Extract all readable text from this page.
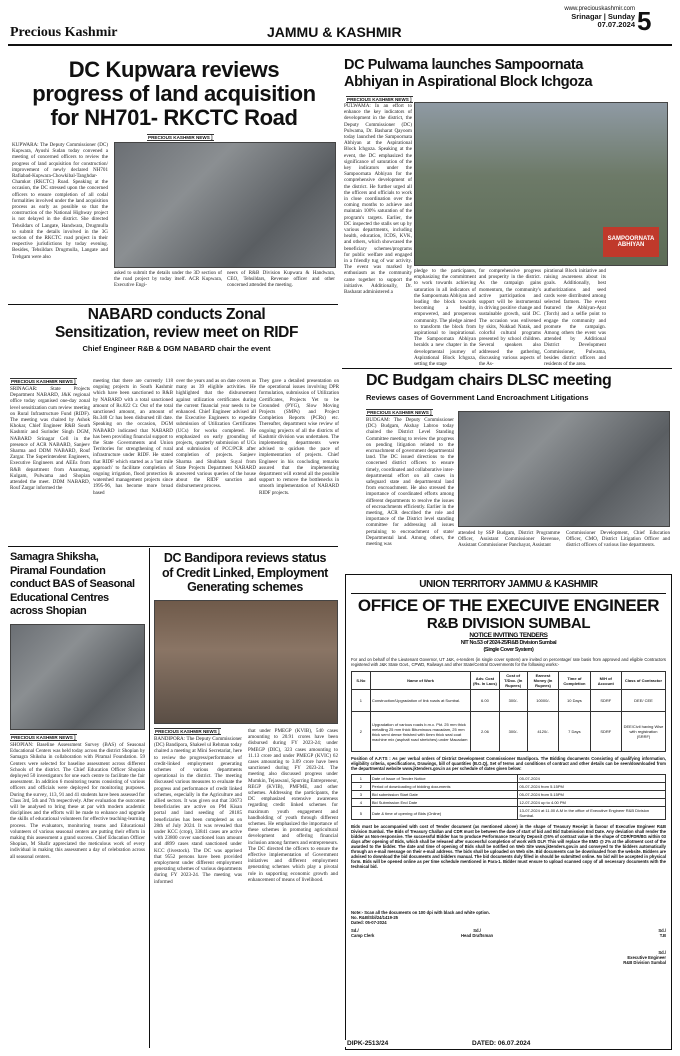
Precious Kashmir	JAMMU & KASHMIR
www.preciouskashmir.com
Srinagar | Sunday
07.07.2024 5
DC Kupwara reviews
progress of land acquisition
for NH701- RKCTC Road
PRECIOUS KASHMIR NEWS ]
KUPWARA: The Deputy Commissioner (DC) Kupwara, Ayushi Sudan today convened a meeting of concerned officers to review the progress of land acquisition for construction/ improvement of newly declared NH701 Rafiabad-Kupwara-Chowkibal-Tanghdar-Chamkot (RKCTC) Road. Speaking at the occasion, the DC stressed upon the concerned officers to ensure completion of all codal formalities involved under the land acquisition process as early as possible so that the construction of the National Highway project is not delayed in the district. She directed Tehsildars of Langate, Handwara, Drugmulla to submit the details involved in the 3G section of the RKCTC road project in their respective jurisdictions by today evening. Besides, Tehsildars Drugmulla, Langate and Trehgam were also
asked to submit the details under the 3D section of the road project by today itself. ACR Kupwara, Executive Engi-
neers of R&B Division Kupwara & Handwara, CEO, Tehsildars, Revenue officer and other concerned attended the meeting.
DC Pulwama launches Sampoornata
Abhiyan in Aspirational Block Ichgoza
PRECIOUS KASHMIR NEWS ]
PULWAMA: In an effort to enhance the key indicators of development in the district, the Deputy Commissioner (DC) Pulwama, Dr. Basharat Qayoom today launched the Sampoornata Abhiyan at the Aspirational Block Ichgoza. Speaking at the event, the DC emphasized the significance of saturation of the key indicators under the Sampoornata Abhiyan for the comprehensive development of the district. He further urged all the officers and officials to work in close coordination over the coming months to achieve and maintain 100% saturation of the program's targets. Earlier, the DC inspected the stalls set up by various departments, including health, education, ICDS, KVK, and others, which showcased the beneficiary schemes/programs for public welfare and engaged in a friendly tug of war activity. The event was marked by enthusiasm as the community came together to support the initiative. Additionally, Dr. Basharat administered a
SAMPOORNATA ABHIYAN
pledge to the participants, emphasizing the commitment to work towards achieving saturation in all indicators of the Sampoornata Abhiyan and leading the block towards becoming a healthy, empowered, and prosperous community. The pledge aimed to transform the block from aspirational to inspirational. The Sampoornata Abhiyan heralds a new chapter in the developmental journey of Aspirational Block Ichgoza, setting the stage
for comprehensive progress and prosperity in the district. As the campaign gains momentum, the community's active participation and support will be instrumental in driving positive change and sustainable growth, said DC. The occasion was enlivened by skits, Nukkad Natak, and colorful cultural programs presented by school children. Several speakers also addressed the gathering, discussing various aspects of the As-
pirational Block initiative and raising awareness about its goals. Additionally, best authoritizations and seed cards were distributed among selected farmers. The event featured the Abhiyan-Ayat (Torch) and a selfie point to engage the community and promote the campaign. Among others the event was attended by Additional District Development Commissioner, Pulwama, besides district officers and residents of the area.
NABARD conducts Zonal
Sensitization, review meet on RIDF
Chief Engineer R&B & DGM NABARD chair the event
PRECIOUS KASHMIR NEWS ]
SRINAGAR: State Projects Department NABARD, J&K regional office today organised one-day zonal level sensitization cum review meeting on Rural Infrastructure Fund (RIDF). The meeting was chaired by Ashok Khokar, Chief Engineer R&B South Kashmir and Surinder Singh DGM, NABARD Srinagar Cell in the presence of ACR NABARD, Sanjeev Sharma and DDM NABARD, Rouf Zargar. The Superintendent Engineers, Executive Engineers and AEEs from R&B department from Anantnag, Kulgam, Pulwama and Shopian attended the meet. DDM NABARD, Rouf Zargar informed the
meeting that there are currently 118 ongoing projects in South Kashmir which have been sanctioned to R&B by NABARD with a total sanctioned amount of Rs.822 Cr. Out of the total sanctioned amount, an amount of Rs.340 Cr has been disbursed till date. Speaking on the occasion, DGM NABARD indicated that NABARD has been providing financial support to the State Governments and Union Territories for strengthening of rural infrastructure under RIDF. He stated that RIDF which started as a 'last mile approach' to facilitate completion of ongoing irrigation, flood protection & watershed management projects since 1995-96, has become more broad based
over the years and as on date covers as many as 39 eligible activities. He highlighted that the disbursement against utilization certificates during the current financial year needs to be enhanced. Chief Engineer advised all the Executive Engineers to expedite submission of Utilization Certificates (UCs) for works completed. He emphasized on early grounding of projects, quarterly submission of UCs and submission of PCC/PCR after completion of projects. Sanjeev Sharma and Shubham Suyal from State Projects Department NABARD answered various queries of the house about the RIDF sanction and disbursement process.
They gave a detailed presentation on the operational issues involving DPR formulation, submission of Utilization Certificates, Projects Yet to be Grounded (PYG), Slow Moving Projects (SMPs) and Project Completion Reports (PCRs) etc. Thereafter, department wise review of ongoing projects of all the districts of Kashmir division was undertaken. The implementing departments were advised to quicken the pace of implementation of projects. Chief Engineer in his concluding remarks assured that the implementing department will extend all the possible support to remove the bottlenecks in smooth implementation of NABARD RIDF projects.
DC Budgam chairs DLSC meeting
Reviews cases of Government Land Encroachment Litigations
PRECIOUS KASHMIR NEWS ]
BUDGAM: The Deputy Commissioner (DC) Budgam, Akshay Labroo today chaired the District Level Standing Committee meeting to review the progress on pending litigation related to the encroachment of government departmental land. The DC issued directions to the concerned district officers to ensure timely, coordinated and collaborative inter-departmental effort on all cases in safeguard state and departmental land from encroachment. He also stressed the importance of coordinated efforts among different departments to resolve the issues of encroachments efficiently. Earlier in the meeting, ACR described the role and importance of the District level standing committee for addressing all issues pertaining to encroachment of state/ Departmental land. Among others, the meeting was
attended by SSP Budgam, District Programme Officer, Assistant Commissioner Revenue, Assistant Commissioner Panchayat, Assistant
Commissioner Development, Chief Education Officer, CMO, District Litigation Officer and district officers of various line departments.
Samagra Shiksha,
Piramal Foundation
conduct BAS of Seasonal
Educational Centres
across Shopian
PRECIOUS KASHMIR NEWS ]
SHOPIAN: Baseline Assessment Survey (BAS) of Seasonal Educational Centers was held today across the district Shopian by Samagra Shiksha in collaboration with Piramal Foundation. 59 Centers were selected for baseline assessment across different Schools of the district. The Chief Education Officer Shopian deployed 50 investigators for one each centre to facilitate the fair assessment. In addition 6 monitoring teams consisting of various officers and officials were deployed for monitoring purposes. During the survey, 113, 91 and 41 students have been assessed for Class 3rd, 5th and 7th respectively. After evaluation the outcomes will be analysed to bring these at par with modern academic disciplines and the efforts will be made to enhance and upgrade the skills of educational volunteers for effective teaching-learning process. The evaluators, monitoring teams and Educational volunteers of various seasonal centers are putting their efforts in making this assessment a grand success. Chief Education Officer Shopian, M Shafir appreciated the meticulous work of every individual in making this assessment a day of celebration across all seasonal centers.
DC Bandipora reviews status
of Credit Linked, Employment
Generating schemes
PRECIOUS KASHMIR NEWS ]
BANDIPORA: The Deputy Commissioner (DC) Bandipora, Shakeel ul Rehman today chaired a meeting at Mini Secretariat, here to review the progress/performance of credit-linked employment generating schemes of various departments operational in the district. The meeting discussed various measures to evaluate the progress and performance of credit linked schemes, especially in the Agriculture and allied sectors. It was given out that 33673 beneficiaries are active on PM Kisan portal and land seeding of 28185 beneficiaries has been completed as on 28th of July 2024. It was revealed that under KCC (crop), 33841 cases are active with 23800 cover sanctioned loan amount and 4899 cases stand sanctioned under KCC (livestock). The DC was apprised that 9552 persons have been provided employment under different employment generating schemes of various departments during FY 2023-24. The meeting was informed
that under PMEGP (KVIB), 540 cases amounting to 20.91 crores have been disbursed during FY 2023-24; under PMEGP (DIC), 323 cases amounting to 11.13 crore and under PMEGP (KVIC) 62 cases amounting to 3.09 crore have been sanctioned during FY 2023-24. The meeting also discussed progress under Mumkin, Tejaswani, Spurring Entrepreneur, REGP (KVIB), PMFME, and other schemes. Addressing the participants, the DC emphasized extensive awareness regarding credit linked schemes for maximum youth engagement and handholding of youth through different schemes. He emphasized the importance of these schemes in promoting agricultural development and offering financial inclusion among farmers and entrepreneurs. The DC directed the officers to ensure the effective implementation of Government initiatives and different employment generating schemes which play a pivotal role in supporting economic growth and enhancement of means of livelihood.
UNION TERRITORY JAMMU & KASHMIR
OFFICE OF THE EXECUIVE ENGINEER
R&B DIVISION SUMBAL
NOTICE INVITING TENDERS
NIT No.53 of 2024-25/R&B Division Sumbal
(Single Cover System)
For and on behalf of the Lieutenant Governor, UT J&K, e-tenders (in single cover system) are invited on percentage/ rate basis from approved and eligible Contractors registered with J&K State Govt., CPWD, Railways and other State/Central Governments for the following works:-
S.No	Name of Work	Adv. Cost (Rs. In Lacs)	Cost of T/Doc. (In Rupees)	Earnest Money (In Rupees)	Time of Completion	M/H of Account	Class of Contractor
1	Construction/Upgradation of link roads at Sumbal.	6.00	300/-	10000/-	10 Days	SDRF	DEE/ CEE
2	Upgradation of various roads b.m.c. Pkt. 25 mm thick metalling 25 mm thick Bituminous macadam, 25 mm thick semi dense finished with 6mm thick seal coat machine mix (asphalt road stretches) under Macadam	2.06	300/-	4120/-	7 Days	SDRF	DEE/Civil having Wise with registration (SRRF)
Position of A.F.TS : As per verbal orders of District Development Commissioner Bandipora. The Bidding documents Consisting of qualifying information, eligibility criteria, specifications, Drawings, bill of quantities (B.O.Q), Set of terms and conditions of contract and other details can be seen/downloaded from the departmental website www.jktenders.gov.in as per schedule of dates given below:
1	Date of Issue of Tender Notice	05-07-2024
2	Period of downloading of bidding documents	05-07-2024 from 5.15PM
3	Bid submission Start Date	05-07-2024 from 5.15PM
4	Bid Submission End Date	12-07-2024 up to 4.00 PM
5	Date & time of opening of Bids (Online)	13-07-2024 at 11.00 A.M in the office of Executive Engineer R&B Division Sumbal.
Bids must be accompanied with cost of Tender document (as mentioned above) in the shape of Treasury Receipt in favour of Executive Engineer R&B Division Sumbal. The Bids of Treasury Challan and CDR must be between the date of start of bid and Bid Submission End Date. Any deviation shall render the bidder as Non-responsive. The successful Bidder has to produce Performance Security Deposit @5% of contract value in the shape of CDR/FDR/BG within 03 days after opening of Bids, which shall be released after successful completion of work with DLP. This will replace the EMD @ 2% at the allotment cost of the awarded to the bidder. The date and time of opening of Bids shall be notified on Web Site www.jktenders.gov.in and conveyed to the bidders automatically through an e-mail message on their e-mail address. The bids shall be uploaded on Web site. Bid documents can be downloaded from the website. Bidders are advised to download the bid documents and bidders manual. The bid documents duly filled in should be submitted online. No bid will be accepted in physical form. Bids will be opened online as per time schedule mentioned in Para-1. Bidder must ensure to upload scanned copy of all necessary documents with the technical bid.
Note:- Scan all the documents on 100 dpi with black and white option.
No. R&B/Sbl/24/1419-25
Dated: 05-07-2024
Sd./
Camp Clerk
Sd./
Head Draftsman
Sd./
T.B
Sd./
Executive Engineer
R&B Division Sumbal
DIPK-2513/24	DATED: 06.07.2024
